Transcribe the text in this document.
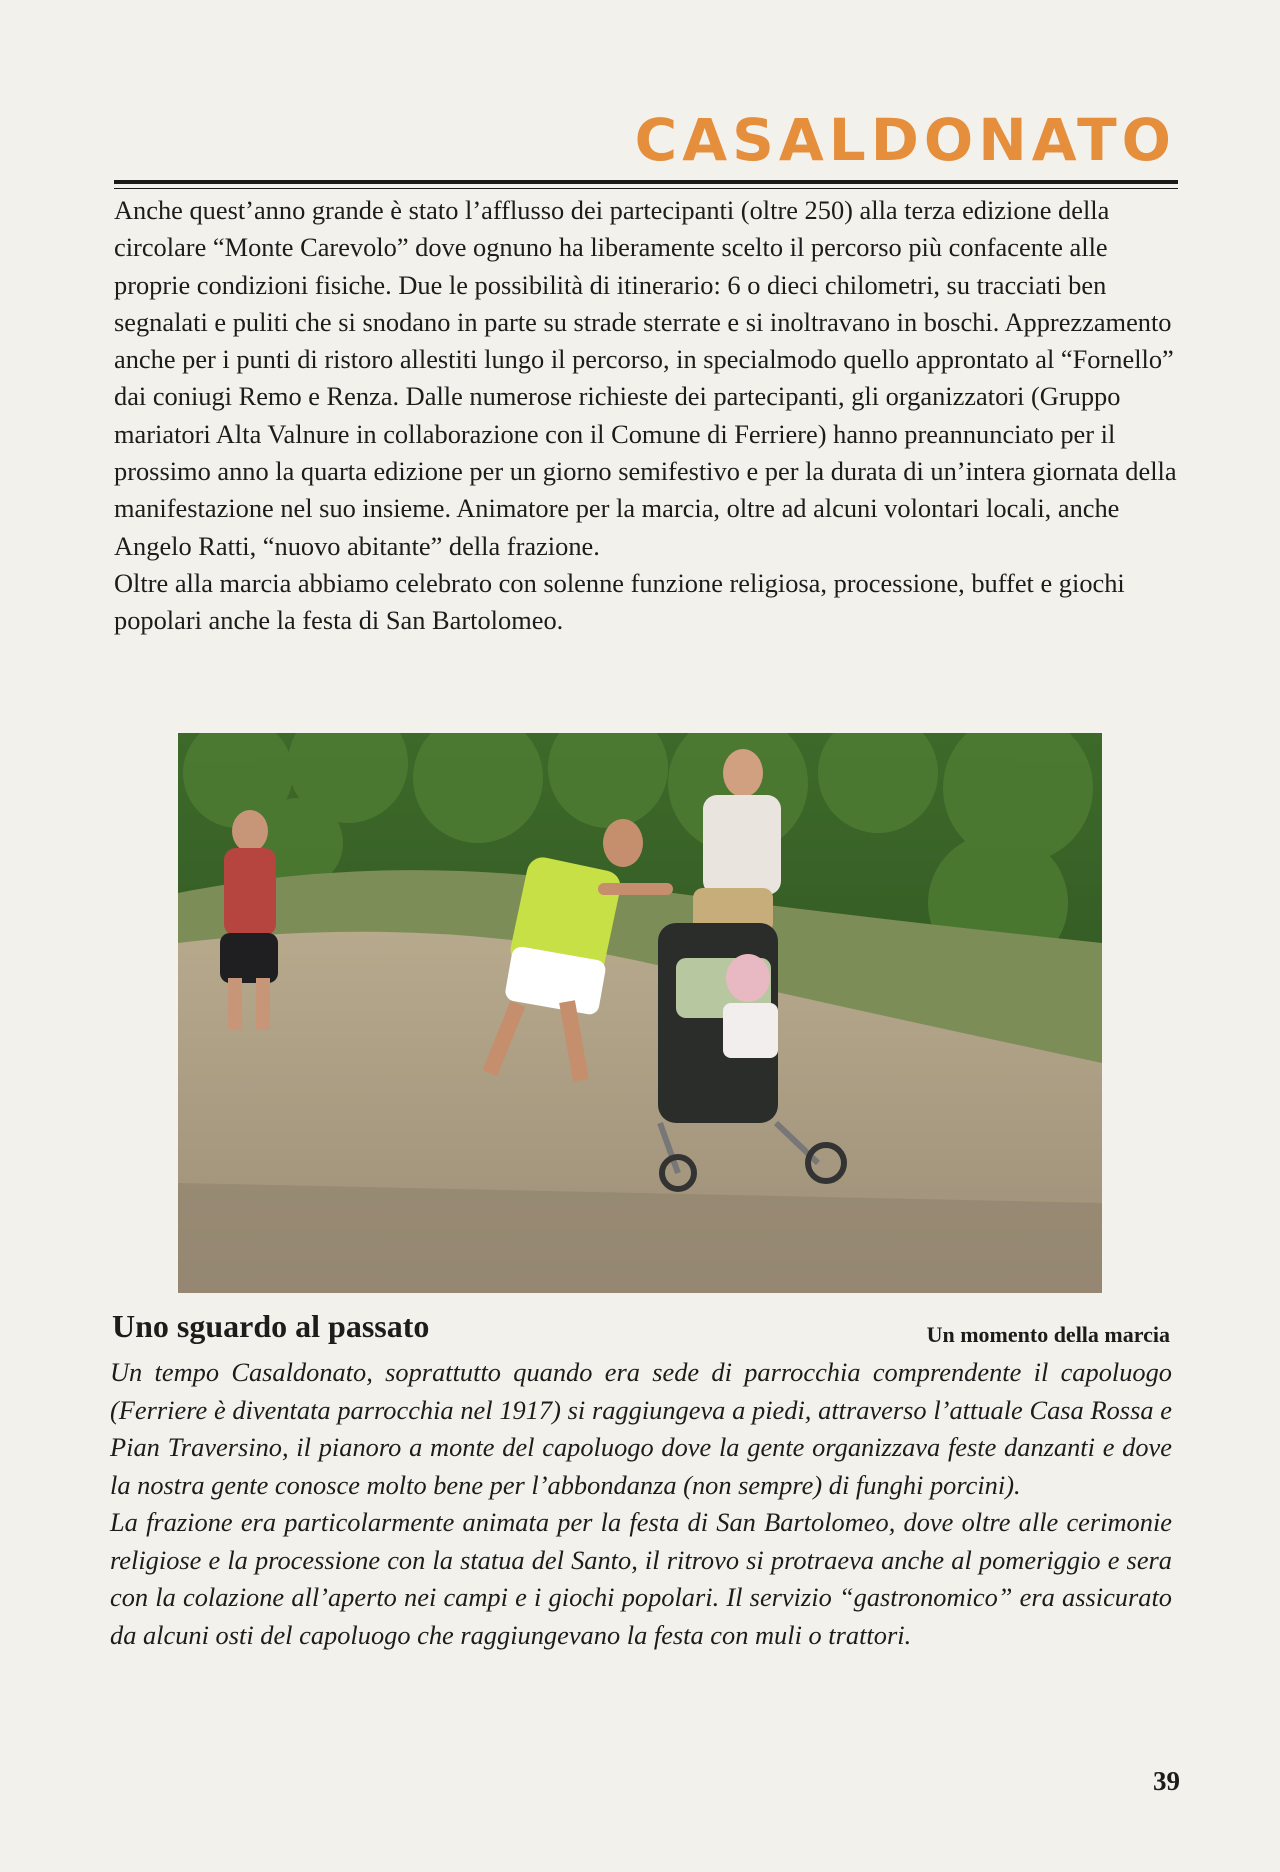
CASALDONATO

Anche quest’anno grande è stato l’afflusso dei partecipanti (oltre 250) alla terza edizione della circolare “Monte Carevolo” dove ognuno ha liberamente scelto il percorso più confacente alle proprie condizioni fisiche. Due le possibilità di itinerario: 6 o dieci chilometri, su tracciati ben segnalati e puliti che si snodano in parte su strade sterrate e si inoltravano in boschi. Apprezzamento anche per i punti di ristoro allestiti lungo il percorso, in specialmodo quello approntato al “Fornello” dai coniugi Remo e Renza. Dalle numerose richieste dei partecipanti, gli organizzatori (Gruppo mariatori Alta Valnure in collaborazione con il Comune di Ferriere) hanno preannunciato per il prossimo anno la quarta edizione per un giorno semifestivo e per la durata di un’intera giornata della manifestazione nel suo insieme. Animatore per la marcia, oltre ad alcuni volontari locali, anche Angelo Ratti, “nuovo abitante” della frazione.

Oltre alla marcia abbiamo celebrato con solenne funzione religiosa, processione, buffet e giochi popolari anche la festa di San Bartolomeo.

Uno sguardo al passato	Un momento della marcia

Un tempo Casaldonato, soprattutto quando era sede di parrocchia comprendente il capoluogo (Ferriere è diventata parrocchia nel 1917) si raggiungeva a piedi, attraverso l’attuale Casa Rossa e Pian Traversino, il pianoro a monte del capoluogo dove la gente organizzava feste danzanti e dove la nostra gente conosce molto bene per l’abbondanza (non sempre) di funghi porcini).

La frazione era particolarmente animata per la festa di San Bartolomeo, dove oltre alle cerimonie religiose e la processione con la statua del Santo, il ritrovo si protraeva anche al pomeriggio e sera con la colazione all’aperto nei campi e i giochi popolari. Il servizio “gastronomico” era assicurato da alcuni osti del capoluogo che raggiungevano la festa con muli o trattori.

39
